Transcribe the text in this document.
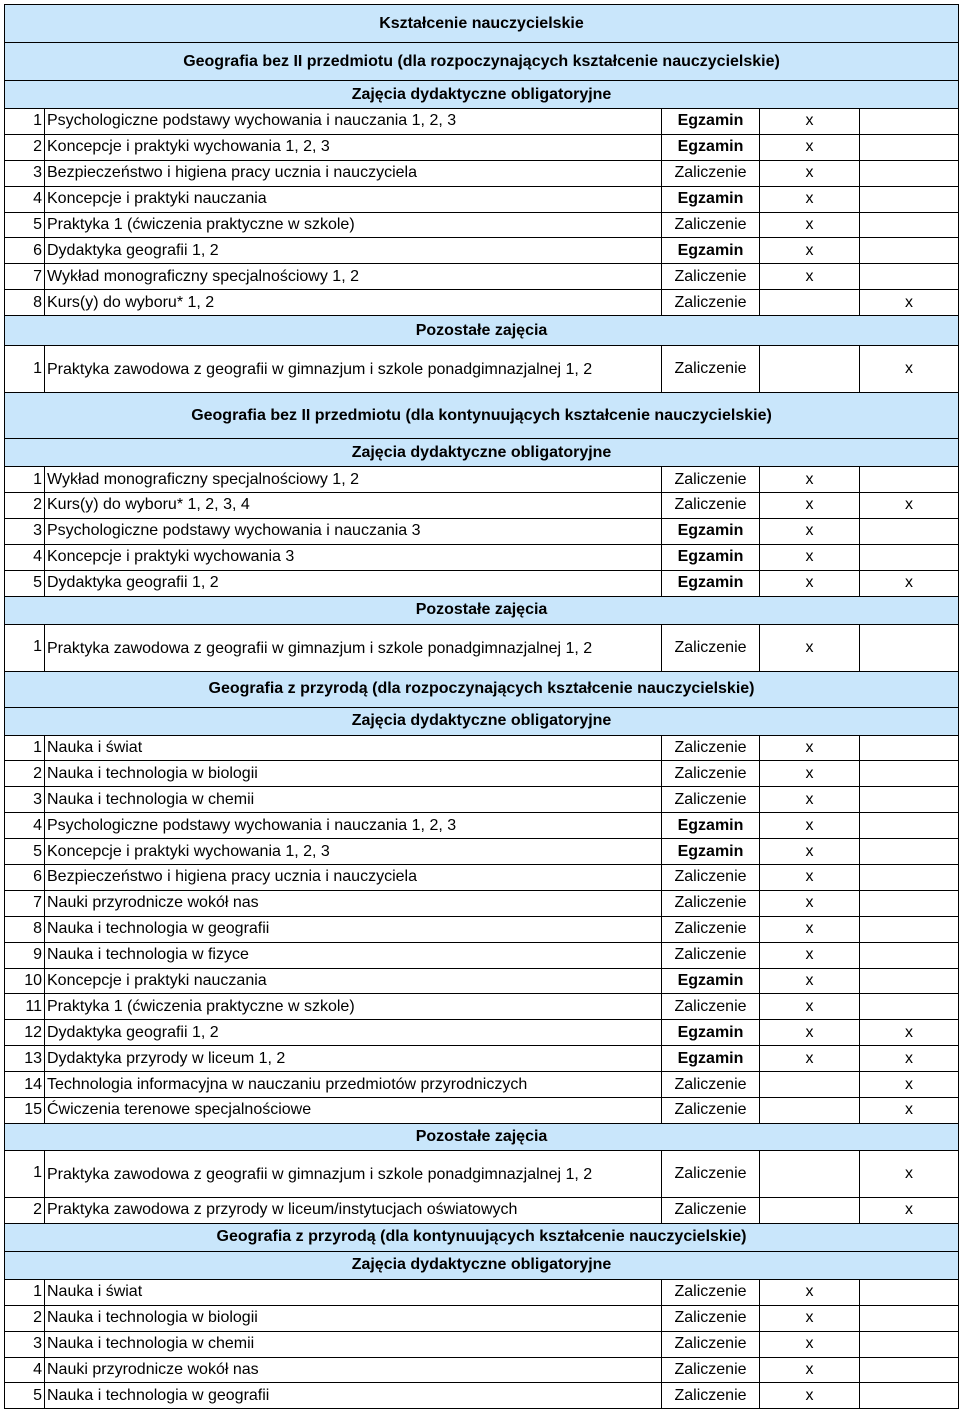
Kształcenie nauczycielskie				
Geografia bez II przedmiotu (dla rozpoczynających kształcenie nauczycielskie)				
Zajęcia dydaktyczne obligatoryjne				
1	Psychologiczne podstawy wychowania i nauczania 1, 2, 3	Egzamin	x	
2	Koncepcje i praktyki wychowania 1, 2, 3	Egzamin	x	
3	Bezpieczeństwo i higiena pracy ucznia i nauczyciela	Zaliczenie	x	
4	Koncepcje i praktyki nauczania	Egzamin	x	
5	Praktyka 1 (ćwiczenia praktyczne w szkole)	Zaliczenie	x	
6	Dydaktyka geografii 1, 2	Egzamin	x	
7	Wykład monograficzny specjalnościowy 1, 2	Zaliczenie	x	
8	Kurs(y) do wyboru* 1, 2	Zaliczenie		x
Pozostałe zajęcia				
1	Praktyka zawodowa z geografii w gimnazjum i szkole ponadgimnazjalnej 1, 2	Zaliczenie		x
Geografia bez II przedmiotu (dla kontynuujących kształcenie nauczycielskie)				
Zajęcia dydaktyczne obligatoryjne				
1	Wykład monograficzny specjalnościowy 1, 2	Zaliczenie	x	
2	Kurs(y) do wyboru* 1, 2, 3, 4	Zaliczenie	x	x
3	Psychologiczne podstawy wychowania i nauczania 3	Egzamin	x	
4	Koncepcje i praktyki wychowania 3	Egzamin	x	
5	Dydaktyka geografii 1, 2	Egzamin	x	x
Pozostałe zajęcia				
1	Praktyka zawodowa z geografii w gimnazjum i szkole ponadgimnazjalnej 1, 2	Zaliczenie	x	
Geografia z przyrodą (dla rozpoczynających kształcenie nauczycielskie)				
Zajęcia dydaktyczne obligatoryjne				
1	Nauka i świat	Zaliczenie	x	
2	Nauka i technologia w biologii	Zaliczenie	x	
3	Nauka i technologia w chemii	Zaliczenie	x	
4	Psychologiczne podstawy wychowania i nauczania 1, 2, 3	Egzamin	x	
5	Koncepcje i praktyki wychowania 1, 2, 3	Egzamin	x	
6	Bezpieczeństwo i higiena pracy ucznia i nauczyciela	Zaliczenie	x	
7	Nauki przyrodnicze wokół nas	Zaliczenie	x	
8	Nauka i technologia w geografii	Zaliczenie	x	
9	Nauka i technologia w fizyce	Zaliczenie	x	
10	Koncepcje i praktyki nauczania	Egzamin	x	
11	Praktyka 1 (ćwiczenia praktyczne w szkole)	Zaliczenie	x	
12	Dydaktyka geografii 1, 2	Egzamin	x	x
13	Dydaktyka przyrody w liceum 1, 2	Egzamin	x	x
14	Technologia informacyjna w nauczaniu przedmiotów przyrodniczych	Zaliczenie		x
15	Ćwiczenia terenowe specjalnościowe	Zaliczenie		x
Pozostałe zajęcia				
1	Praktyka zawodowa z geografii w gimnazjum i szkole ponadgimnazjalnej 1, 2	Zaliczenie		x
2	Praktyka zawodowa z przyrody w liceum/instytucjach oświatowych	Zaliczenie		x
Geografia z przyrodą (dla kontynuujących kształcenie nauczycielskie)				
Zajęcia dydaktyczne obligatoryjne				
1	Nauka i świat	Zaliczenie	x	
2	Nauka i technologia w biologii	Zaliczenie	x	
3	Nauka i technologia w chemii	Zaliczenie	x	
4	Nauki przyrodnicze wokół nas	Zaliczenie	x	
5	Nauka i technologia w geografii	Zaliczenie	x	
